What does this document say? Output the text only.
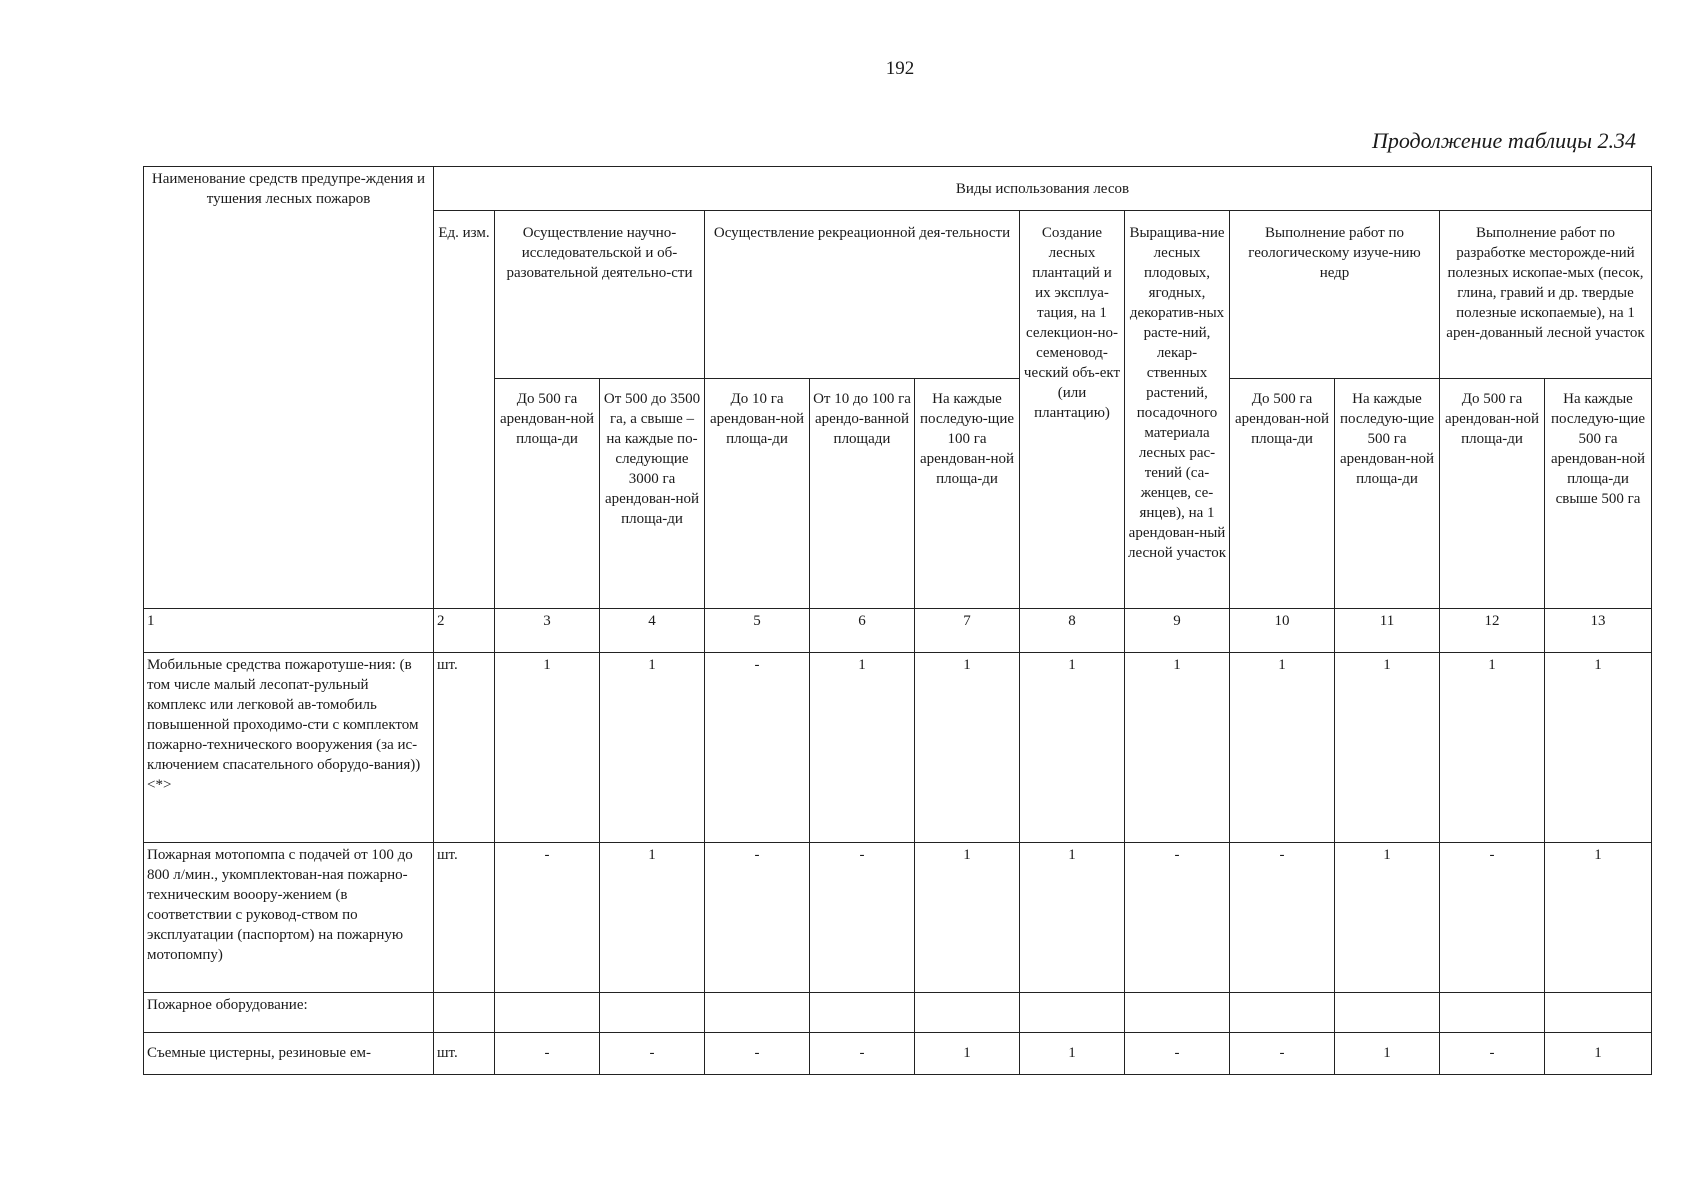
192
Продолжение таблицы 2.34
Наименование средств предупре-ждения и тушения лесных пожаров	Виды использования лесов											
	Ед. изм.	Осуществление научно-исследовательской и об-разовательной деятельно-сти		Осуществление рекреационной дея-тельности			Создание лесных плантаций и их эксплуа-тация, на 1 селекцион-но-семеновод-ческий объ-ект (или плантацию)	Выращива-ние лесных плодовых, ягодных, декоратив-ных расте-ний, лекар-ственных растений, посадочного материала лесных рас-тений (са-женцев, се-янцев), на 1 арендован-ный лесной участок	Выполнение работ по геологическому изуче-нию недр		Выполнение работ по разработке месторожде-ний полезных ископае-мых (песок, глина, гравий и др. твердые полезные ископаемые), на 1 арен-дованный лесной участок	
		До 500 га арендован-ной площа-ди	От 500 до 3500 га, а свыше – на каждые по-следующие 3000 га арендован-ной площа-ди	До 10 га арендован-ной площа-ди	От 10 до 100 га арендо-ванной площади	На каждые последую-щие 100 га арендован-ной площа-ди			До 500 га арендован-ной площа-ди	На каждые последую-щие 500 га арендован-ной площа-ди	До 500 га арендован-ной площа-ди	На каждые последую-щие 500 га арендован-ной площа-ди свыше 500 га
1	2	3	4	5	6	7	8	9	10	11	12	13
Мобильные средства пожаротуше-ния: (в том числе малый лесопат-рульный комплекс или легковой ав-томобиль повышенной проходимо-сти с комплектом пожарно-технического вооружения (за ис-ключением спасательного оборудо-вания)) <*>	шт.	1	1	-	1	1	1	1	1	1	1	1
Пожарная мотопомпа с подачей от 100 до 800 л/мин., укомплектован-ная пожарно-техническим вооору-жением (в соответствии с руковод-ством по эксплуатации (паспортом) на пожарную мотопомпу)	шт.	-	1	-	-	1	1	-	-	1	-	1
Пожарное оборудование:												
Съемные цистерны, резиновые ем-	шт.	-	-	-	-	1	1	-	-	1	-	1
